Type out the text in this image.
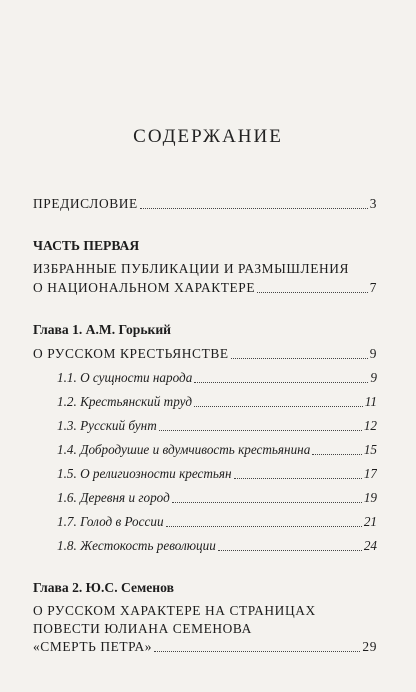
СОДЕРЖАНИЕ
ПРЕДИСЛОВИЕ	3
ЧАСТЬ ПЕРВАЯ
ИЗБРАННЫЕ ПУБЛИКАЦИИ И РАЗМЫШЛЕНИЯ
О НАЦИОНАЛЬНОМ ХАРАКТЕРЕ	7
Глава 1. А.М. Горький
О РУССКОМ КРЕСТЬЯНСТВЕ	9
1.1. О сущности народа	9
1.2. Крестьянский труд	11
1.3. Русский бунт	12
1.4. Добродушие и вдумчивость крестьянина	15
1.5. О религиозности крестьян	17
1.6. Деревня и город	19
1.7. Голод в России	21
1.8. Жестокость революции	24
Глава 2. Ю.С. Семенов
О РУССКОМ ХАРАКТЕРЕ НА СТРАНИЦАХ
ПОВЕСТИ ЮЛИАНА СЕМЕНОВА
«СМЕРТЬ ПЕТРА»	29
